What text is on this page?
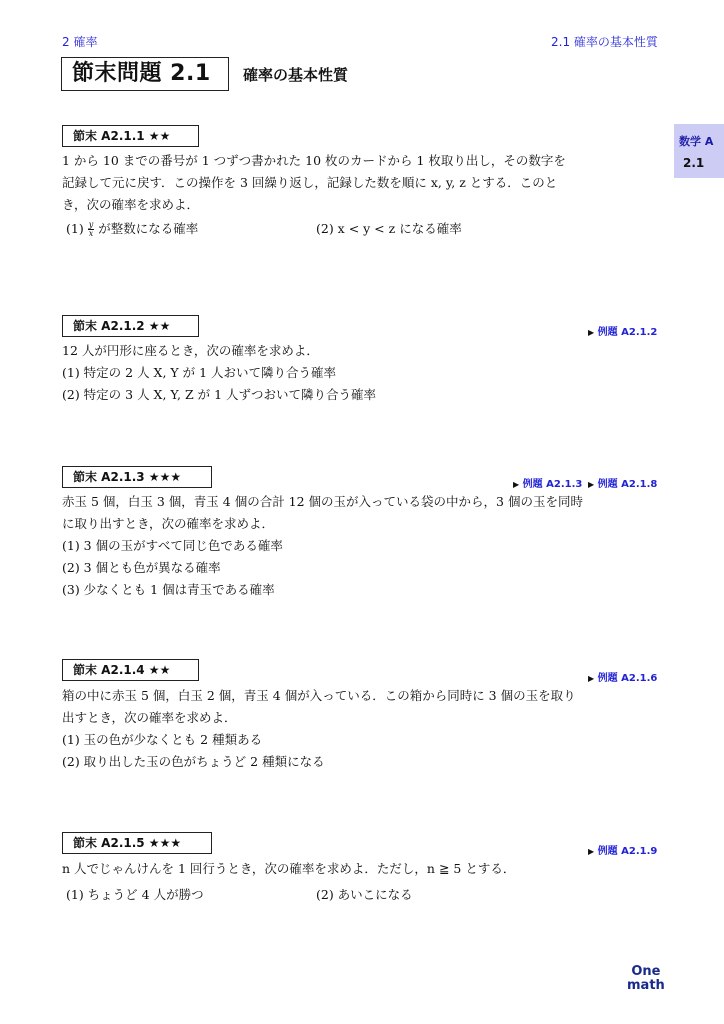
2 確率	2.1 確率の基本性質
節末問題 2.1	確率の基本性質
数学 A
2.1
節末 A2.1.1 ★★
1 から 10 までの番号が 1 つずつ書かれた 10 枚のカードから 1 枚取り出し，その数字を
記録して元に戻す．この操作を 3 回繰り返し，記録した数を順に x, y, z とする．このと
き，次の確率を求めよ．
$(1) \frac{y}{x}$ が整数になる確率	(2) x < y < z になる確率
節末 A2.1.2 ★★	▶ 例題 A2.1.2
12 人が円形に座るとき，次の確率を求めよ．
(1) 特定の 2 人 X, Y が 1 人おいて隣り合う確率
(2) 特定の 3 人 X, Y, Z が 1 人ずつおいて隣り合う確率
節末 A2.1.3 ★★★
▶ 例題 A2.1.3 ▶ 例題 A2.1.8
赤玉 5 個，白玉 3 個，青玉 4 個の合計 12 個の玉が入っている袋の中から，3 個の玉を同時
に取り出すとき，次の確率を求めよ．
(1) 3 個の玉がすべて同じ色である確率
(2) 3 個とも色が異なる確率
(3) 少なくとも 1 個は青玉である確率
節末 A2.1.4 ★★
▶ 例題 A2.1.6
箱の中に赤玉 5 個，白玉 2 個，青玉 4 個が入っている．この箱から同時に 3 個の玉を取り
出すとき，次の確率を求めよ．
(1) 玉の色が少なくとも 2 種類ある
(2) 取り出した玉の色がちょうど 2 種類になる
節末 A2.1.5 ★★★
▶ 例題 A2.1.9
n 人でじゃんけんを 1 回行うとき，次の確率を求めよ．ただし，n ≧ 5 とする．
(1) ちょうど 4 人が勝つ	(2) あいこになる
One
math
